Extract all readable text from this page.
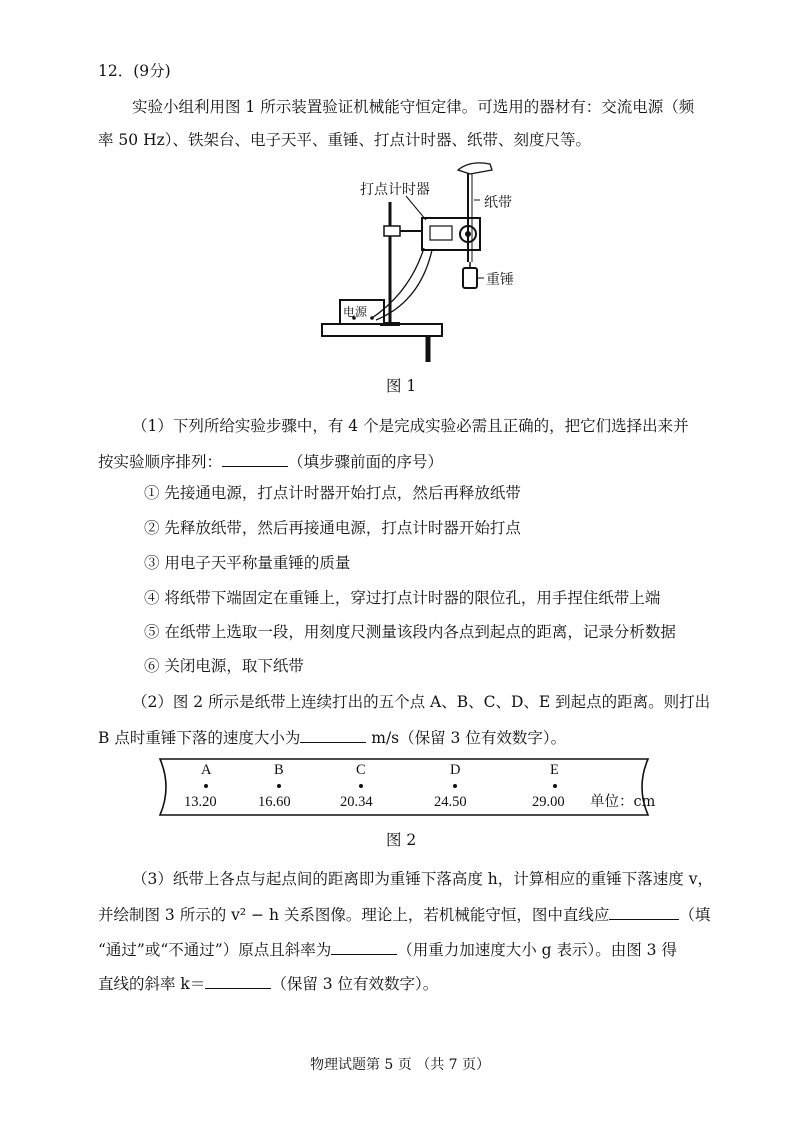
12．(9分)
实验小组利用图 1 所示装置验证机械能守恒定律。可选用的器材有：交流电源（频
率 50 Hz）、铁架台、电子天平、重锤、打点计时器、纸带、刻度尺等。
打点计时器
纸带
重锤
电源
图 1
（1）下列所给实验步骤中，有 4 个是完成实验必需且正确的，把它们选择出来并
按实验顺序排列：	（填步骤前面的序号）
① 先接通电源，打点计时器开始打点，然后再释放纸带
② 先释放纸带，然后再接通电源，打点计时器开始打点
③ 用电子天平称量重锤的质量
④ 将纸带下端固定在重锤上，穿过打点计时器的限位孔，用手捏住纸带上端
⑤ 在纸带上选取一段，用刻度尺测量该段内各点到起点的距离，记录分析数据
⑥ 关闭电源，取下纸带
（2）图 2 所示是纸带上连续打出的五个点 A、B、C、D、E 到起点的距离。则打出
B 点时重锤下落的速度大小为	m/s（保留 3 位有效数字）。
A	B	C	D	E
13.20	16.60	20.34	24.50	29.00 单位：cm
图 2
（3）纸带上各点与起点间的距离即为重锤下落高度 h，计算相应的重锤下落速度 v，
并绘制图 3 所示的 v² − h 关系图像。理论上，若机械能守恒，图中直线应	（填
“通过”或“不通过”）原点且斜率为	（用重力加速度大小 g 表示）。由图 3 得
直线的斜率 k＝	（保留 3 位有效数字）。
物理试题第 5 页 （共 7 页）
